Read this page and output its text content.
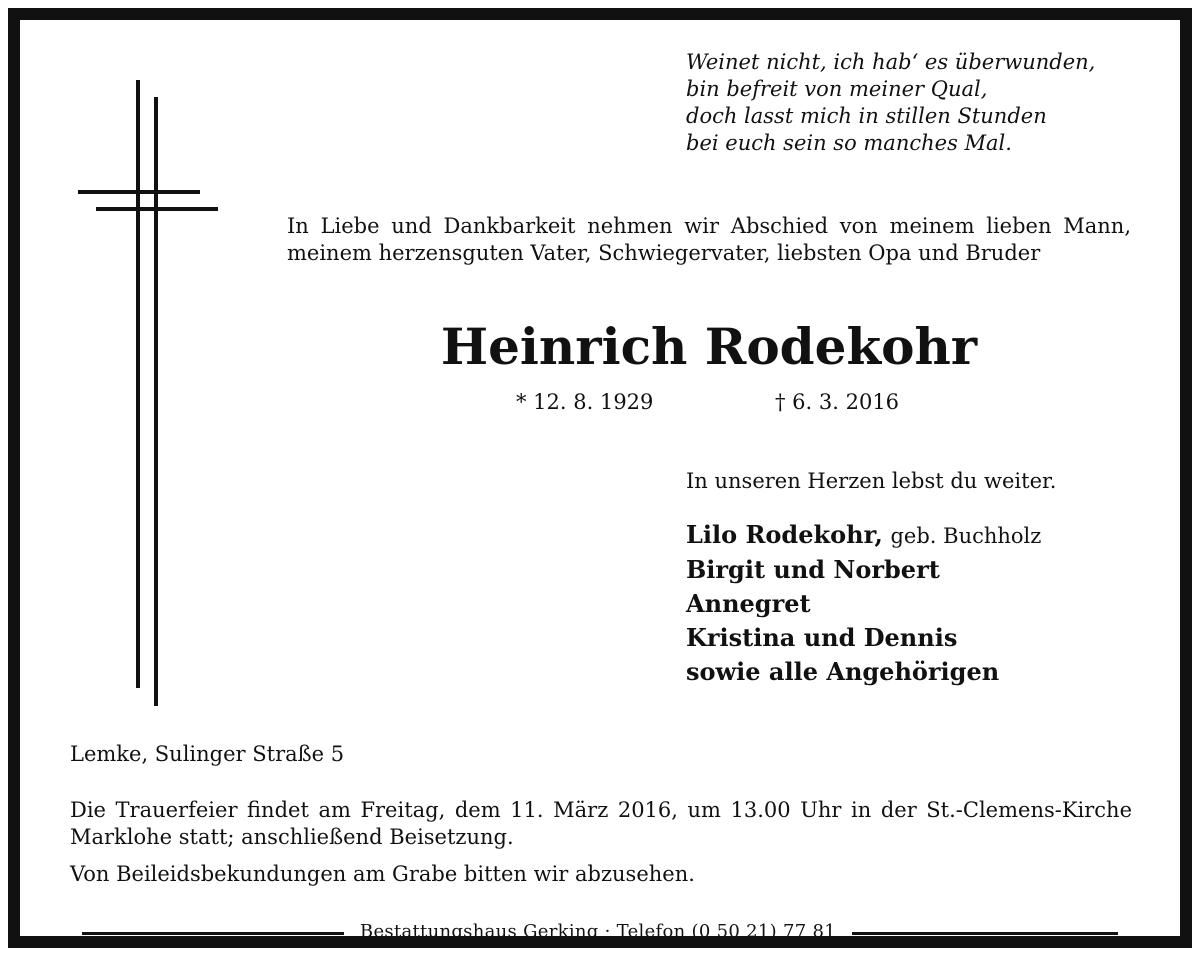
Weinet nicht, ich hab‘ es überwunden,
bin befreit von meiner Qual,
doch lasst mich in stillen Stunden
bei euch sein so manches Mal.
In Liebe und Dankbarkeit nehmen wir Abschied von meinem lieben Mann, meinem herzensguten Vater, Schwiegervater, liebsten Opa und Bruder
Heinrich Rodekohr
* 12. 8. 1929	† 6. 3. 2016
In unseren Herzen lebst du weiter.
Lilo Rodekohr, geb. Buchholz
Birgit und Norbert
Annegret
Kristina und Dennis
sowie alle Angehörigen
Lemke, Sulinger Straße 5
Die Trauerfeier findet am Freitag, dem 11. März 2016, um 13.00 Uhr in der St.-Clemens-Kirche Marklohe statt; anschließend Beisetzung.
Von Beileidsbekundungen am Grabe bitten wir abzusehen.
Bestattungshaus Gerking · Telefon (0 50 21) 77 81
